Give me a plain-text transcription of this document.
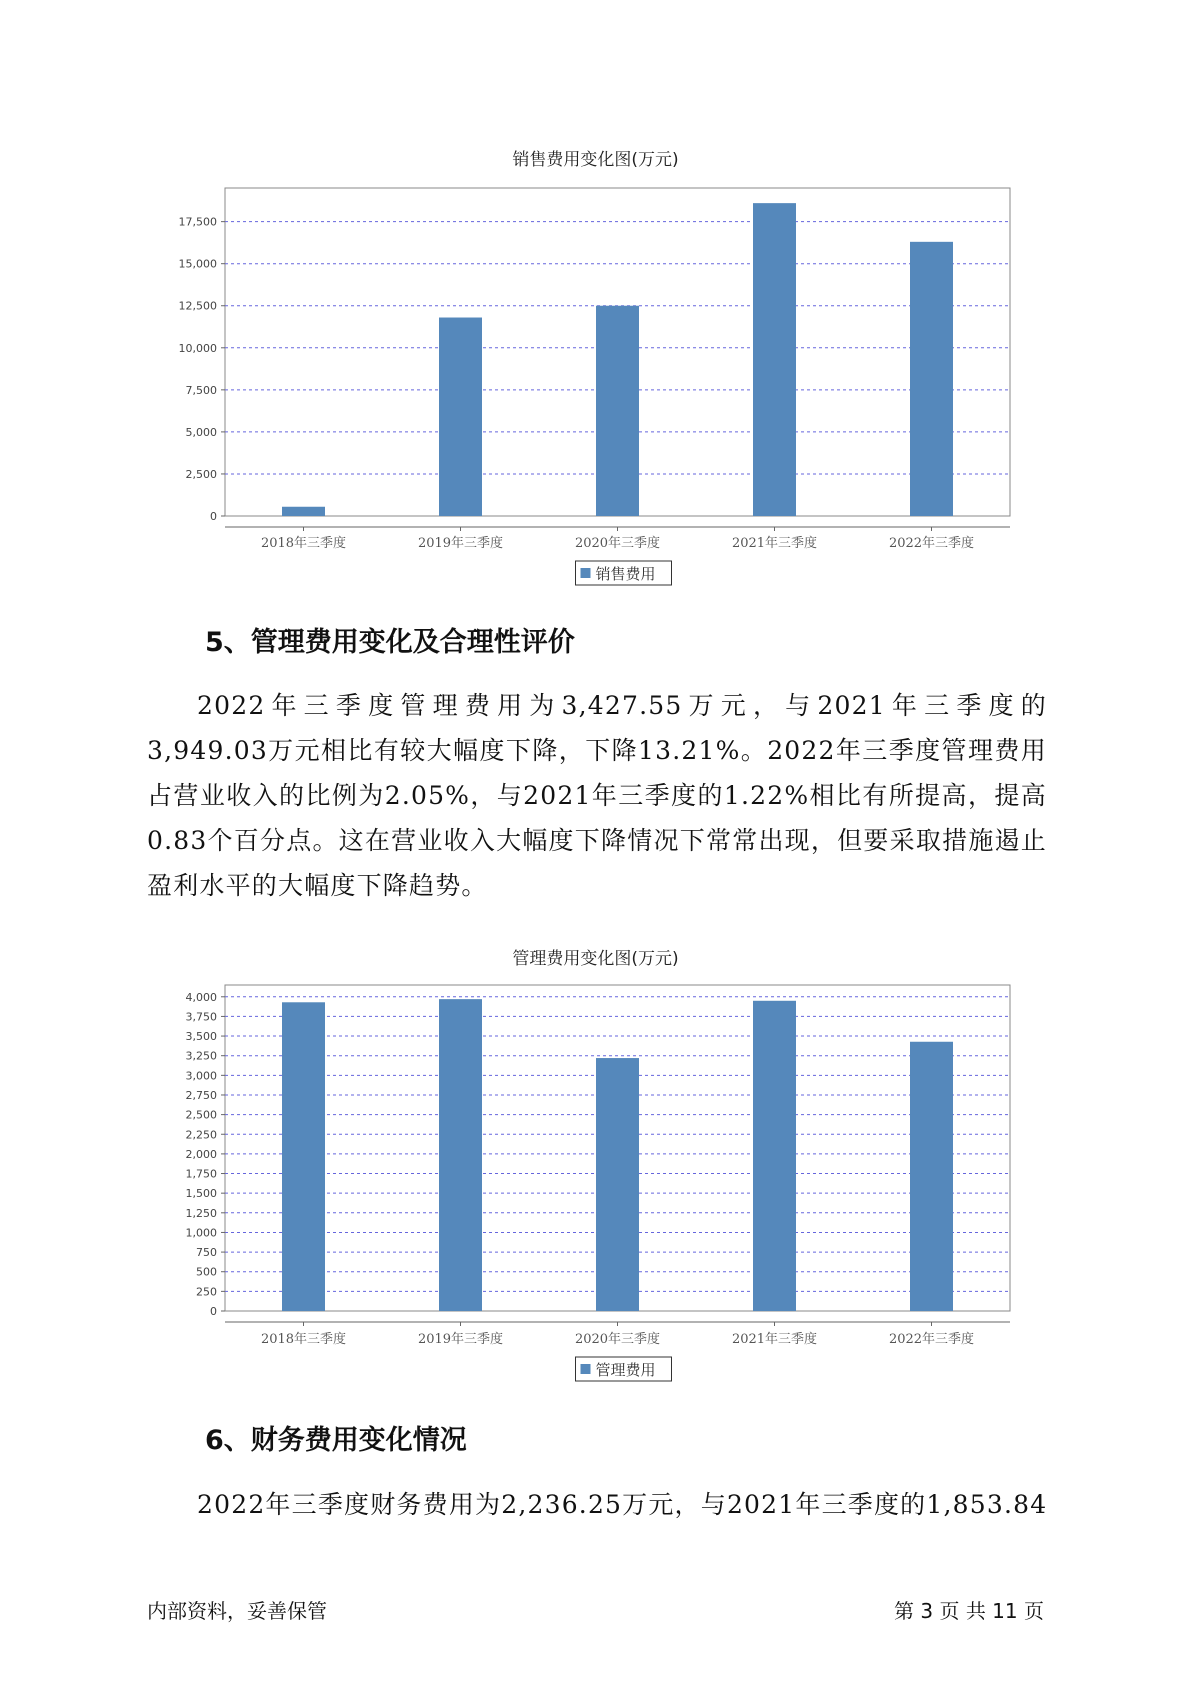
销售费用变化图(万元)
0
2,500
5,000
7,500
10,000
12,500
15,000
17,500
2018年三季度	2019年三季度	2020年三季度	2021年三季度	2022年三季度
销售费用
5、管理费用变化及合理性评价

2022年三季度管理费用为3,427.55万元，与2021年三季度的3,949.03万元相比有较大幅度下降，下降13.21%。2022年三季度管理费用占营业收入的比例为2.05%，与2021年三季度的1.22%相比有所提高，提高0.83个百分点。这在营业收入大幅度下降情况下常常出现，但要采取措施遏止盈利水平的大幅度下降趋势。

管理费用变化图(万元)
0
250
500
750
1,000
1,250
1,500
1,750
2,000
2,250
2,500
2,750
3,000
3,250
3,500
3,750
4,000
2018年三季度	2019年三季度	2020年三季度	2021年三季度	2022年三季度
管理费用
6、财务费用变化情况

2022年三季度财务费用为2,236.25万元，与2021年三季度的1,853.84

内部资料，妥善保管	第 3 页 共 11 页
